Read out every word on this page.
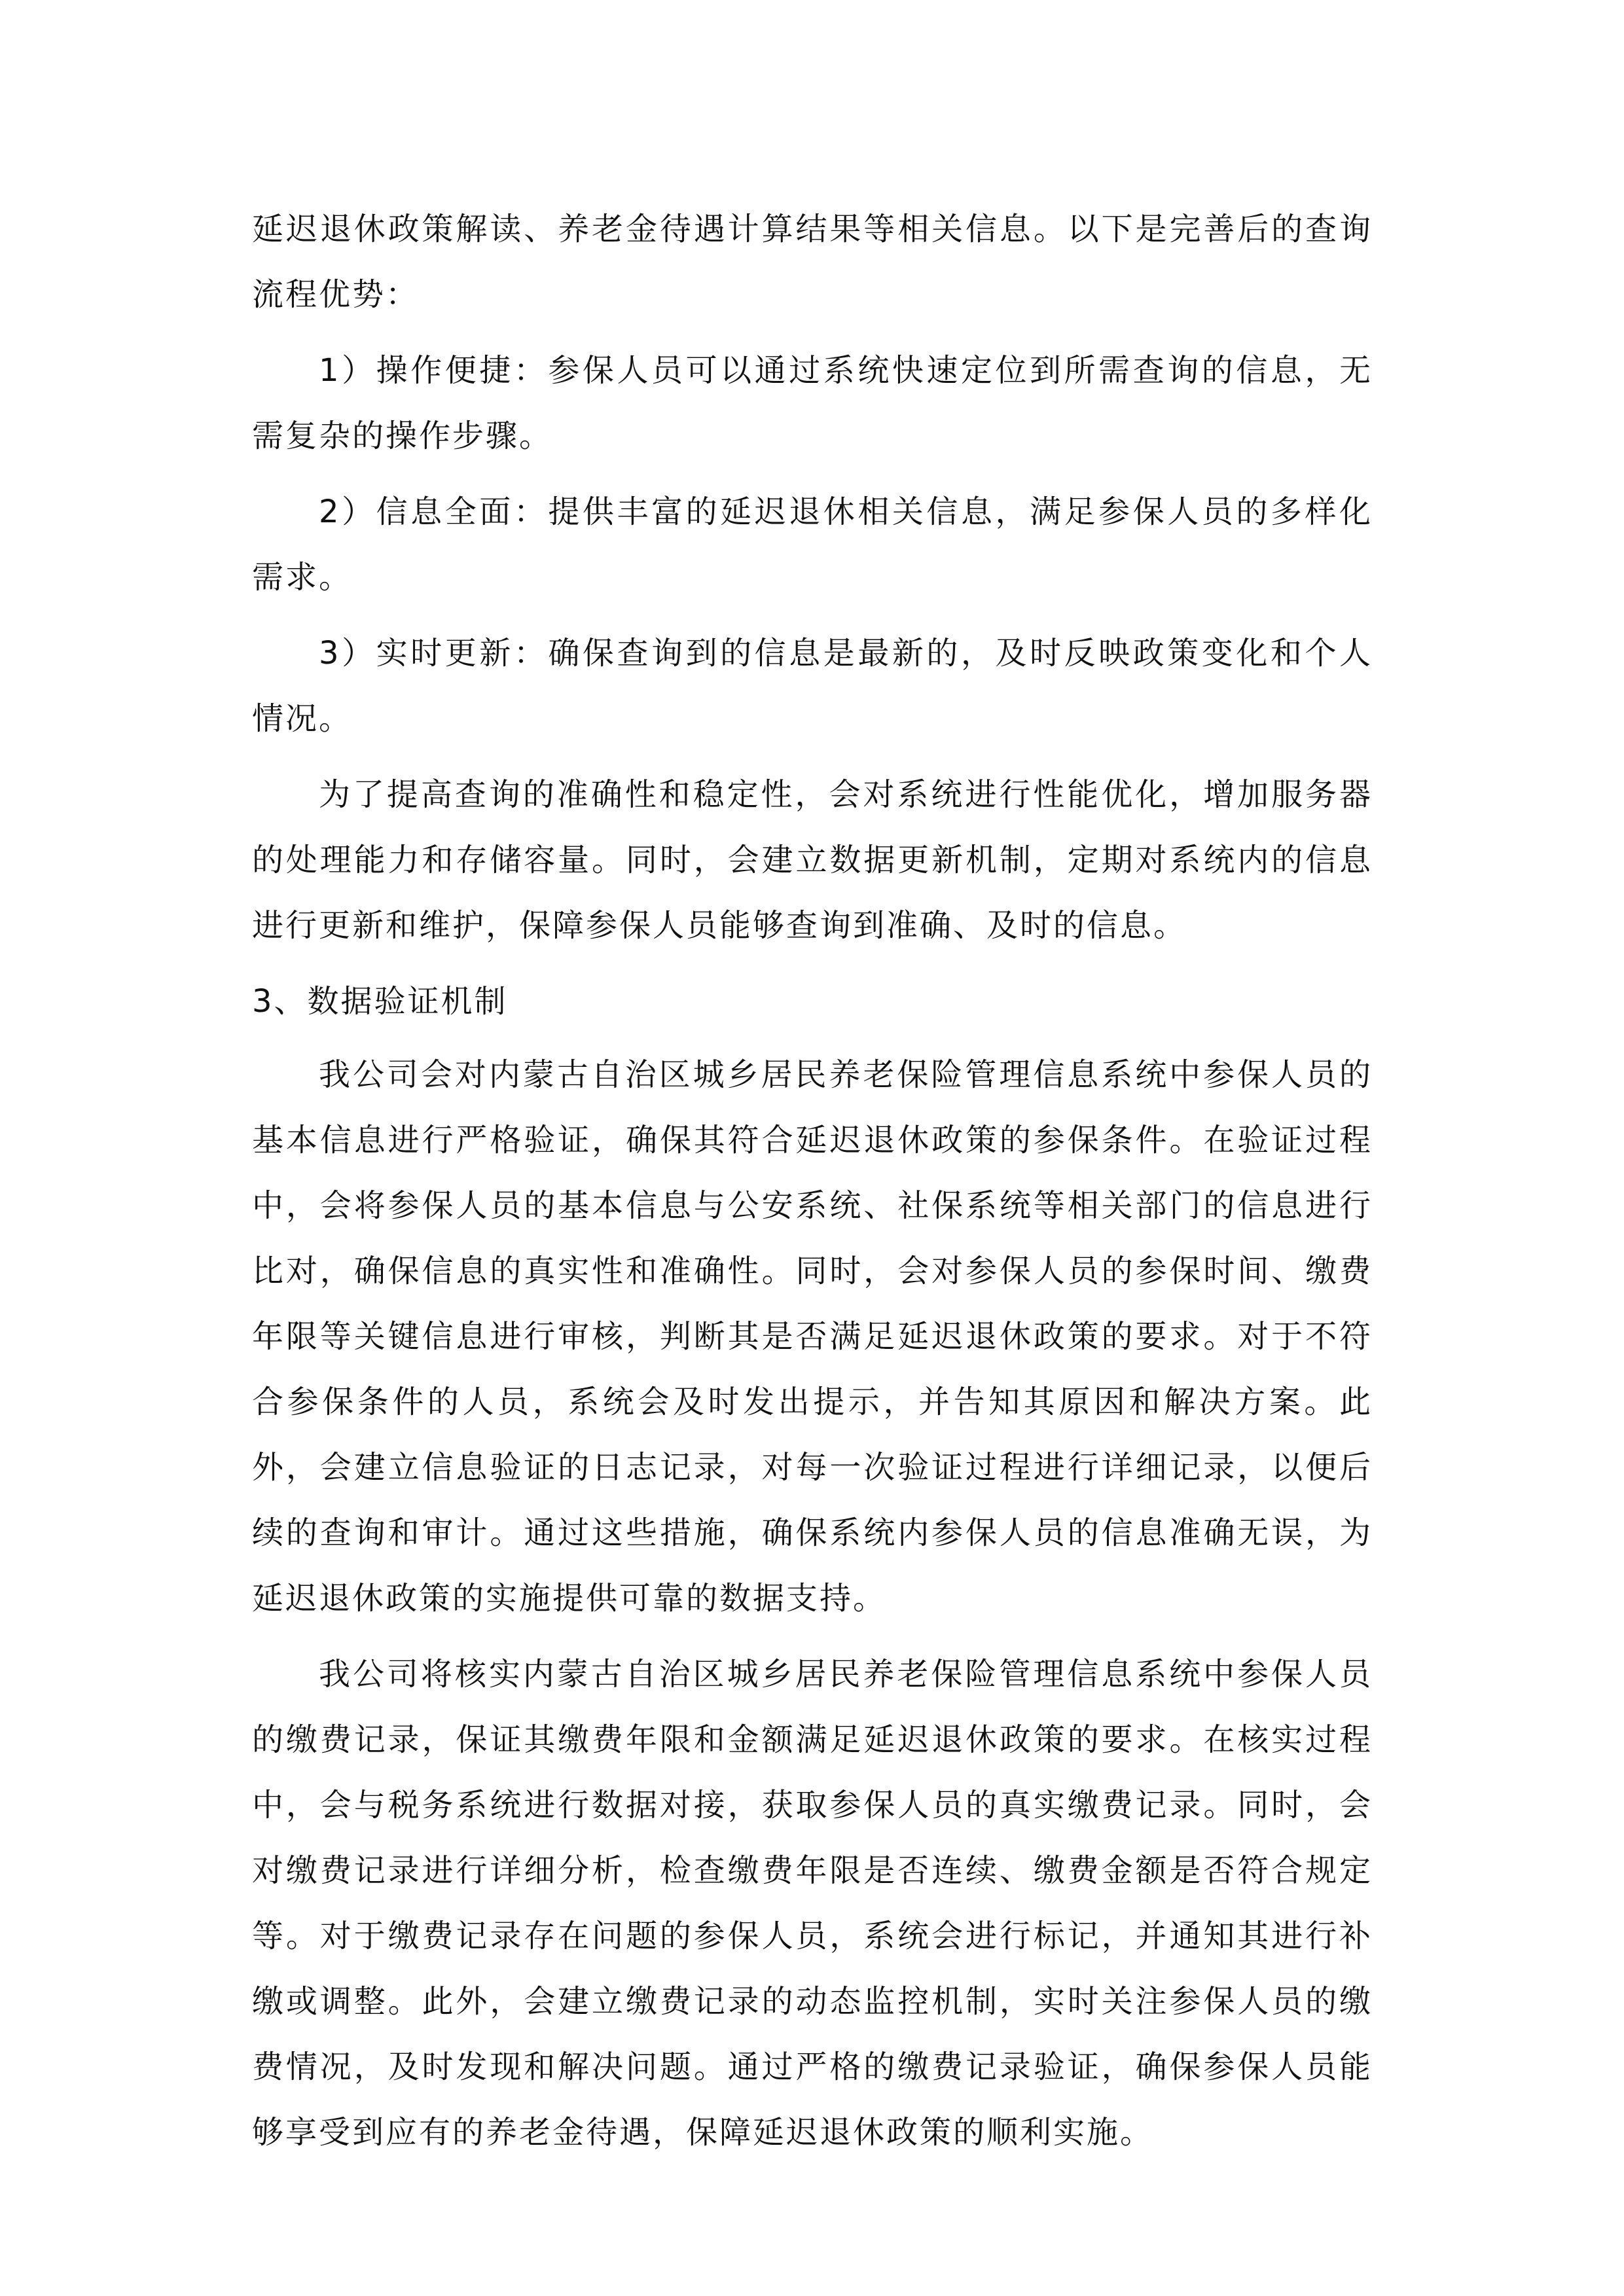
延迟退休政策解读、养老金待遇计算结果等相关信息。以下是完善后的查询流程优势：

1）操作便捷：参保人员可以通过系统快速定位到所需查询的信息，无需复杂的操作步骤。

2）信息全面：提供丰富的延迟退休相关信息，满足参保人员的多样化需求。

3）实时更新：确保查询到的信息是最新的，及时反映政策变化和个人情况。

为了提高查询的准确性和稳定性，会对系统进行性能优化，增加服务器的处理能力和存储容量。同时，会建立数据更新机制，定期对系统内的信息进行更新和维护，保障参保人员能够查询到准确、及时的信息。

3、数据验证机制

我公司会对内蒙古自治区城乡居民养老保险管理信息系统中参保人员的基本信息进行严格验证，确保其符合延迟退休政策的参保条件。在验证过程中，会将参保人员的基本信息与公安系统、社保系统等相关部门的信息进行比对，确保信息的真实性和准确性。同时，会对参保人员的参保时间、缴费年限等关键信息进行审核，判断其是否满足延迟退休政策的要求。对于不符合参保条件的人员，系统会及时发出提示，并告知其原因和解决方案。此外，会建立信息验证的日志记录，对每一次验证过程进行详细记录，以便后续的查询和审计。通过这些措施，确保系统内参保人员的信息准确无误，为延迟退休政策的实施提供可靠的数据支持。

我公司将核实内蒙古自治区城乡居民养老保险管理信息系统中参保人员的缴费记录，保证其缴费年限和金额满足延迟退休政策的要求。在核实过程中，会与税务系统进行数据对接，获取参保人员的真实缴费记录。同时，会对缴费记录进行详细分析，检查缴费年限是否连续、缴费金额是否符合规定等。对于缴费记录存在问题的参保人员，系统会进行标记，并通知其进行补缴或调整。此外，会建立缴费记录的动态监控机制，实时关注参保人员的缴费情况，及时发现和解决问题。通过严格的缴费记录验证，确保参保人员能够享受到应有的养老金待遇，保障延迟退休政策的顺利实施。
